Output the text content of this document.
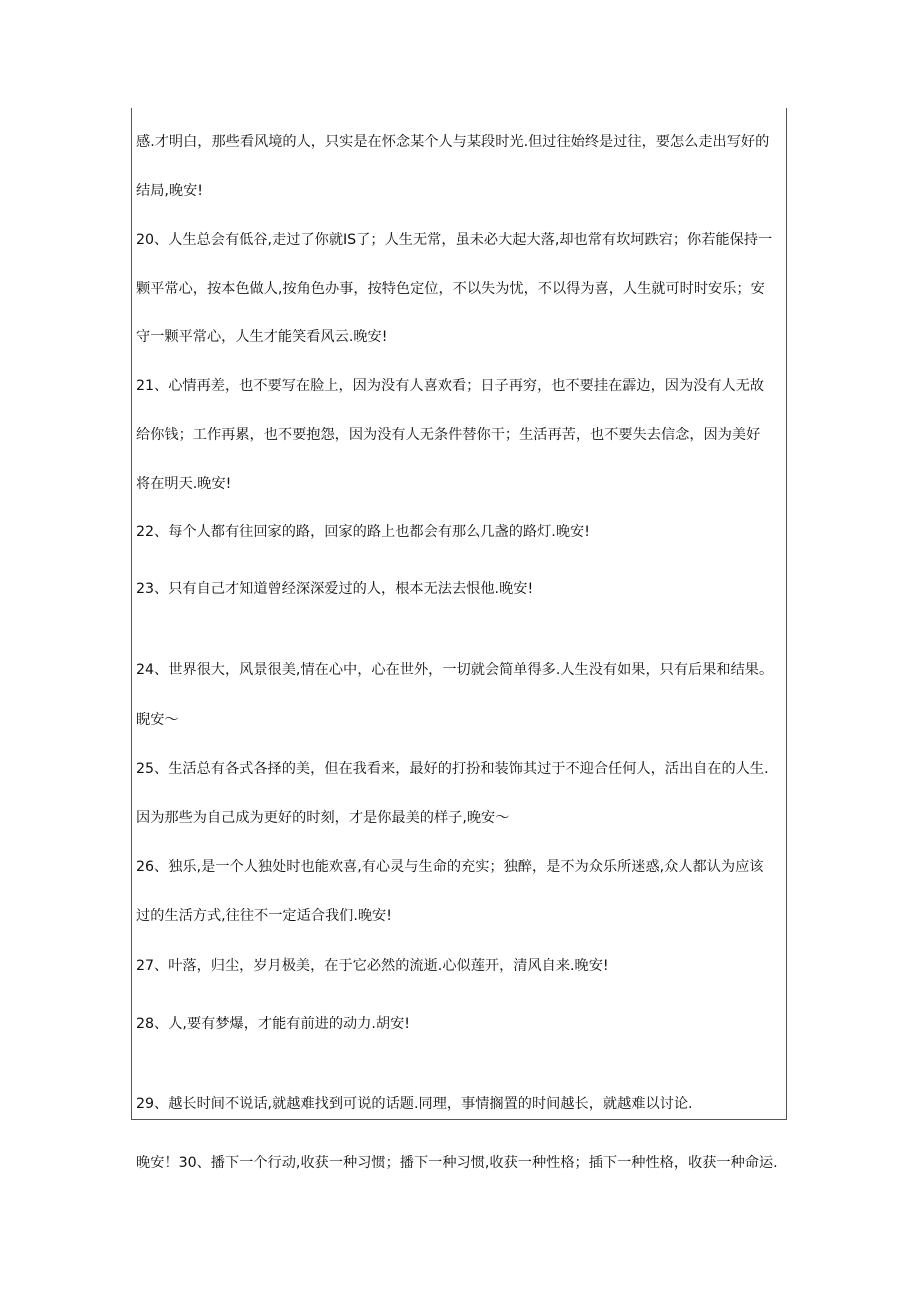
感.才明白，那些看风境的人，只实是在怀念某个人与某段时光.但过往始终是过往，要怎么走出写好的
结局,晚安!
20、人生总会有低谷,走过了你就IS了；人生无常，虽未必大起大落,却也常有坎坷跌宕；你若能保持一
颗平常心，按本色做人,按角色办事，按特色定位，不以失为忧，不以得为喜，人生就可时时安乐；安
守一颗平常心，人生才能笑看风云.晚安!
21、心情再差，也不要写在脸上，因为没有人喜欢看；日子再穷，也不要挂在霹边，因为没有人无故
给你钱；工作再累，也不要抱怨，因为没有人无条件替你干；生活再苦，也不要失去信念，因为美好
将在明天.晚安!
22、每个人都有往回家的路，回家的路上也都会有那么几盏的路灯.晚安!
23、只有自己才知道曾经深深爱过的人，根本无法去恨他.晚安!
24、世界很大，风景很美,情在心中，心在世外，一切就会简单得多.人生没有如果，只有后果和结果。
睨安〜
25、生活总有各式各择的美，但在我看来，最好的打扮和装饰其过于不迎合任何人，活出自在的人生.
因为那些为自己成为更好的时刻，才是你最美的样子,晚安〜
26、独乐,是一个人独处时也能欢喜,有心灵与生命的充实；独醉，是不为众乐所迷惑,众人都认为应该
过的生活方式,往往不一定适合我们.晚安!
27、叶落，归尘，岁月极美，在于它必然的流逝.心似莲开，清风自来.晚安!
28、人,要有梦爆，才能有前进的动力.胡安!
29、越长时间不说话,就越难找到可说的话题.同理，事情搁置的时间越长，就越难以讨论.
晚安！30、播下一个行动,收获一种习惯；播下一种习惯,收获一种性格；插下一种性格，收获一种命运.
